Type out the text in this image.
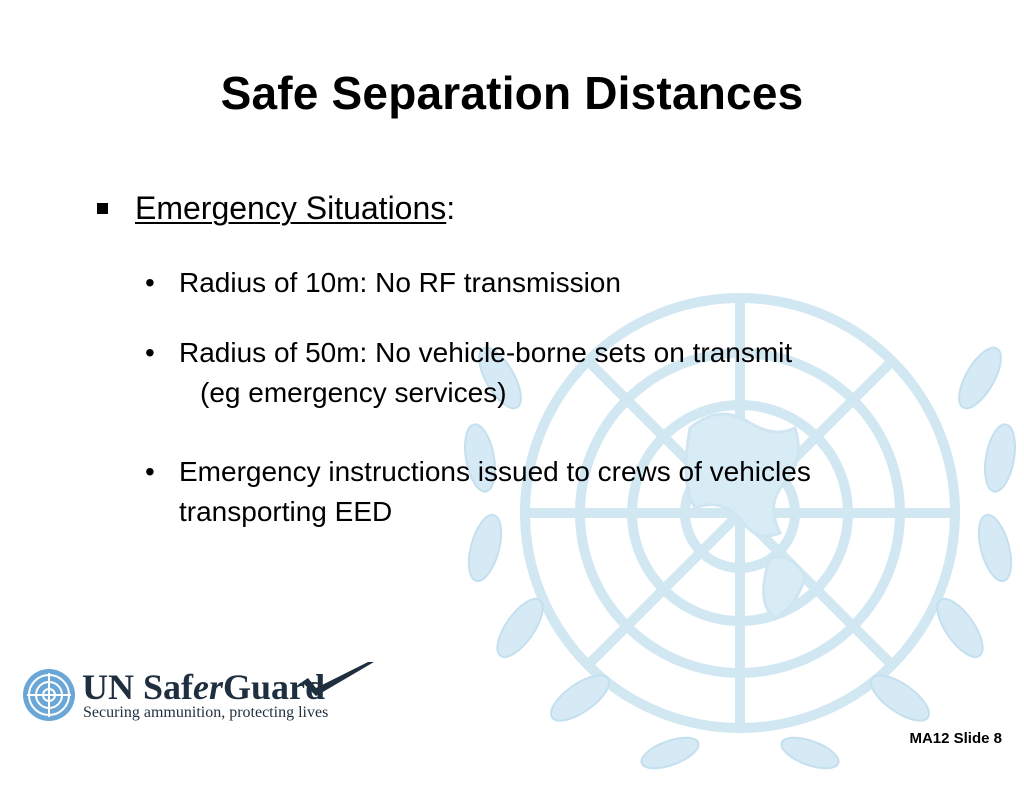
Safe Separation Distances
Emergency Situations:
• Radius of 10m: No RF transmission
• Radius of 50m: No vehicle-borne sets on transmit
(eg emergency services)
• Emergency instructions issued to crews of vehicles
transporting EED
UN SaferGuard
Securing ammunition, protecting lives
MA12 Slide 8
